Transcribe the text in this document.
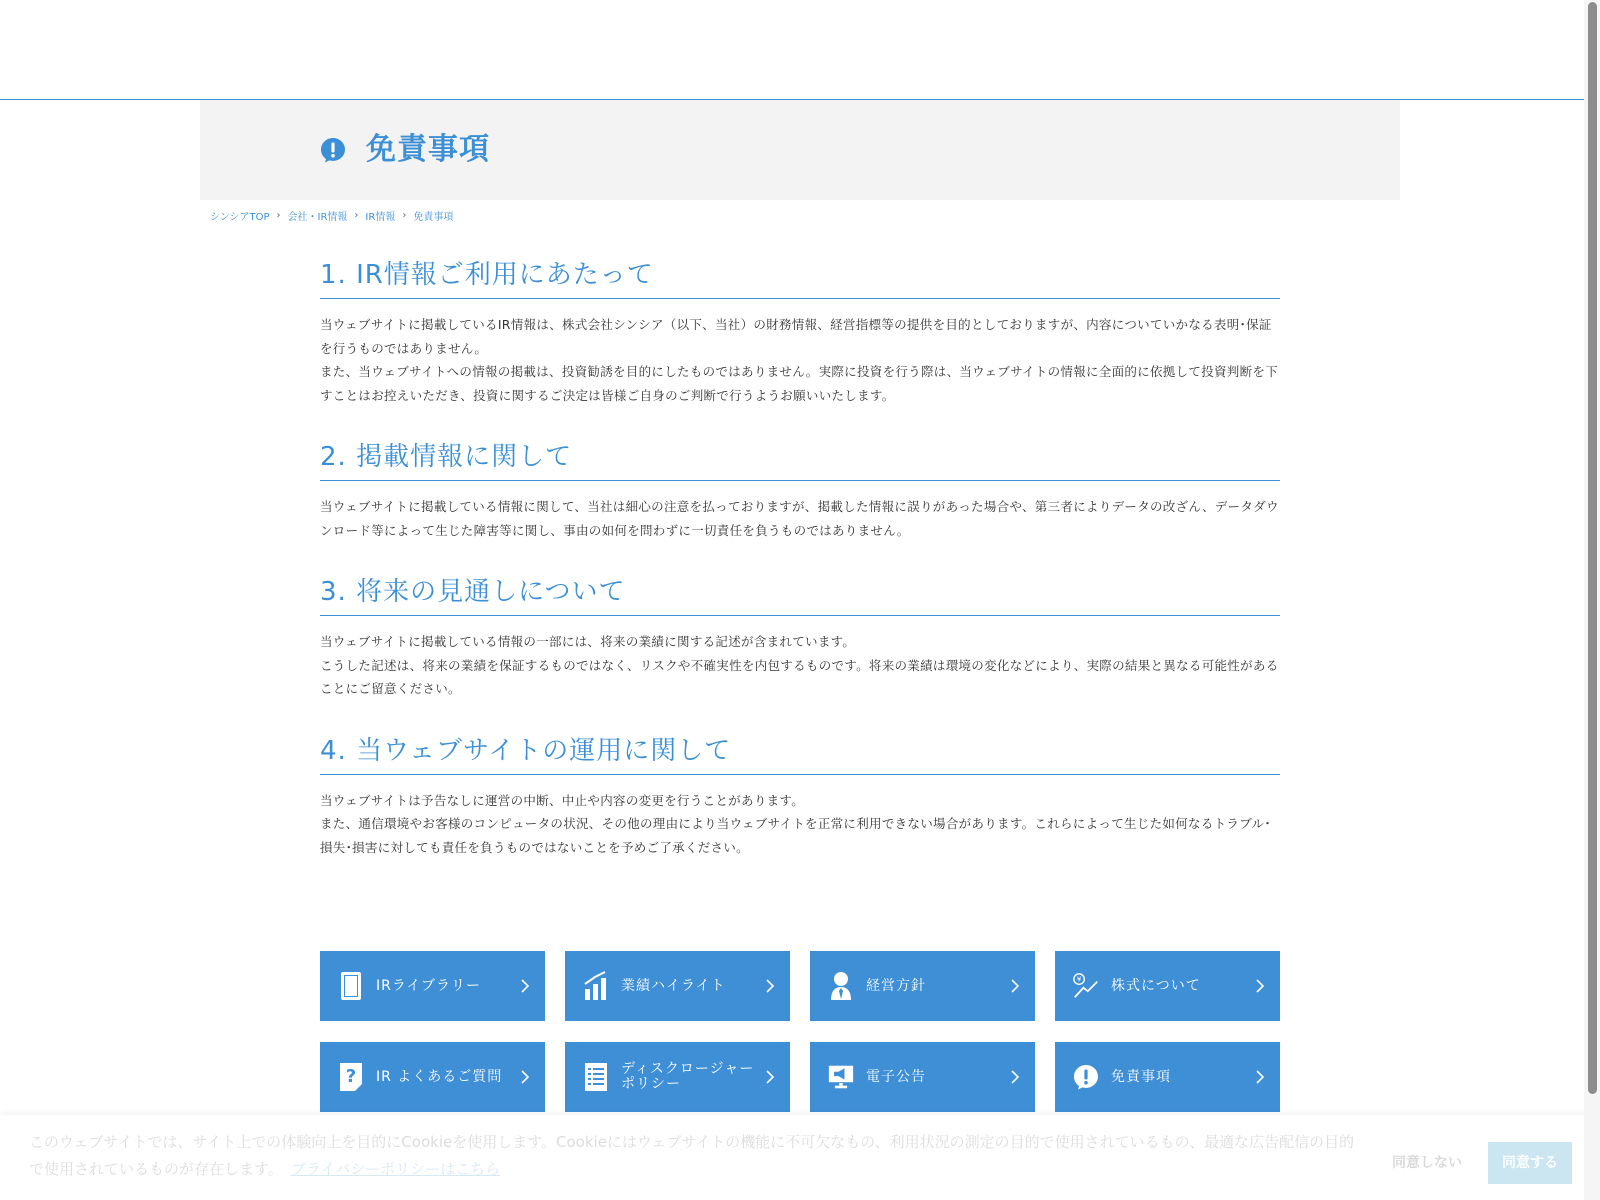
免責事項
シンシアTOP › 会社・IR情報 › IR情報 › 免責事項
1. IR情報ご利用にあたって

当ウェブサイトに掲載しているIR情報は、株式会社シンシア（以下、当社）の財務情報、経営指標等の提供を目的としておりますが、内容についていかなる表明･保証を行うものではありません。

また、当ウェブサイトへの情報の掲載は、投資勧誘を目的にしたものではありません。実際に投資を行う際は、当ウェブサイトの情報に全面的に依拠して投資判断を下すことはお控えいただき、投資に関するご決定は皆様ご自身のご判断で行うようお願いいたします。

2. 掲載情報に関して

当ウェブサイトに掲載している情報に関して、当社は細心の注意を払っておりますが、掲載した情報に誤りがあった場合や、第三者によりデータの改ざん、データダウンロード等によって生じた障害等に関し、事由の如何を問わずに一切責任を負うものではありません。

3. 将来の見通しについて

当ウェブサイトに掲載している情報の一部には、将来の業績に関する記述が含まれています。

こうした記述は、将来の業績を保証するものではなく、リスクや不確実性を内包するものです。将来の業績は環境の変化などにより、実際の結果と異なる可能性があることにご留意ください。

4. 当ウェブサイトの運用に関して

当ウェブサイトは予告なしに運営の中断、中止や内容の変更を行うことがあります。

また、通信環境やお客様のコンピュータの状況、その他の理由により当ウェブサイトを正常に利用できない場合があります。これらによって生じた如何なるトラブル･損失･損害に対しても責任を負うものではないことを予めご了承ください。

IRライブラリー	業績ハイライト	経営方針	¥ 株式について
? IR よくあるご質問	ディスクロージャーポリシー	電子公告	免責事項

このウェブサイトでは、サイト上での体験向上を目的にCookieを使用します。Cookieにはウェブサイトの機能に不可欠なもの、利用状況の測定の目的で使用されているもの、最適な広告配信の目的で使用されているものが存在します。 プライバシーポリシーはこちら	同意しない	同意する
